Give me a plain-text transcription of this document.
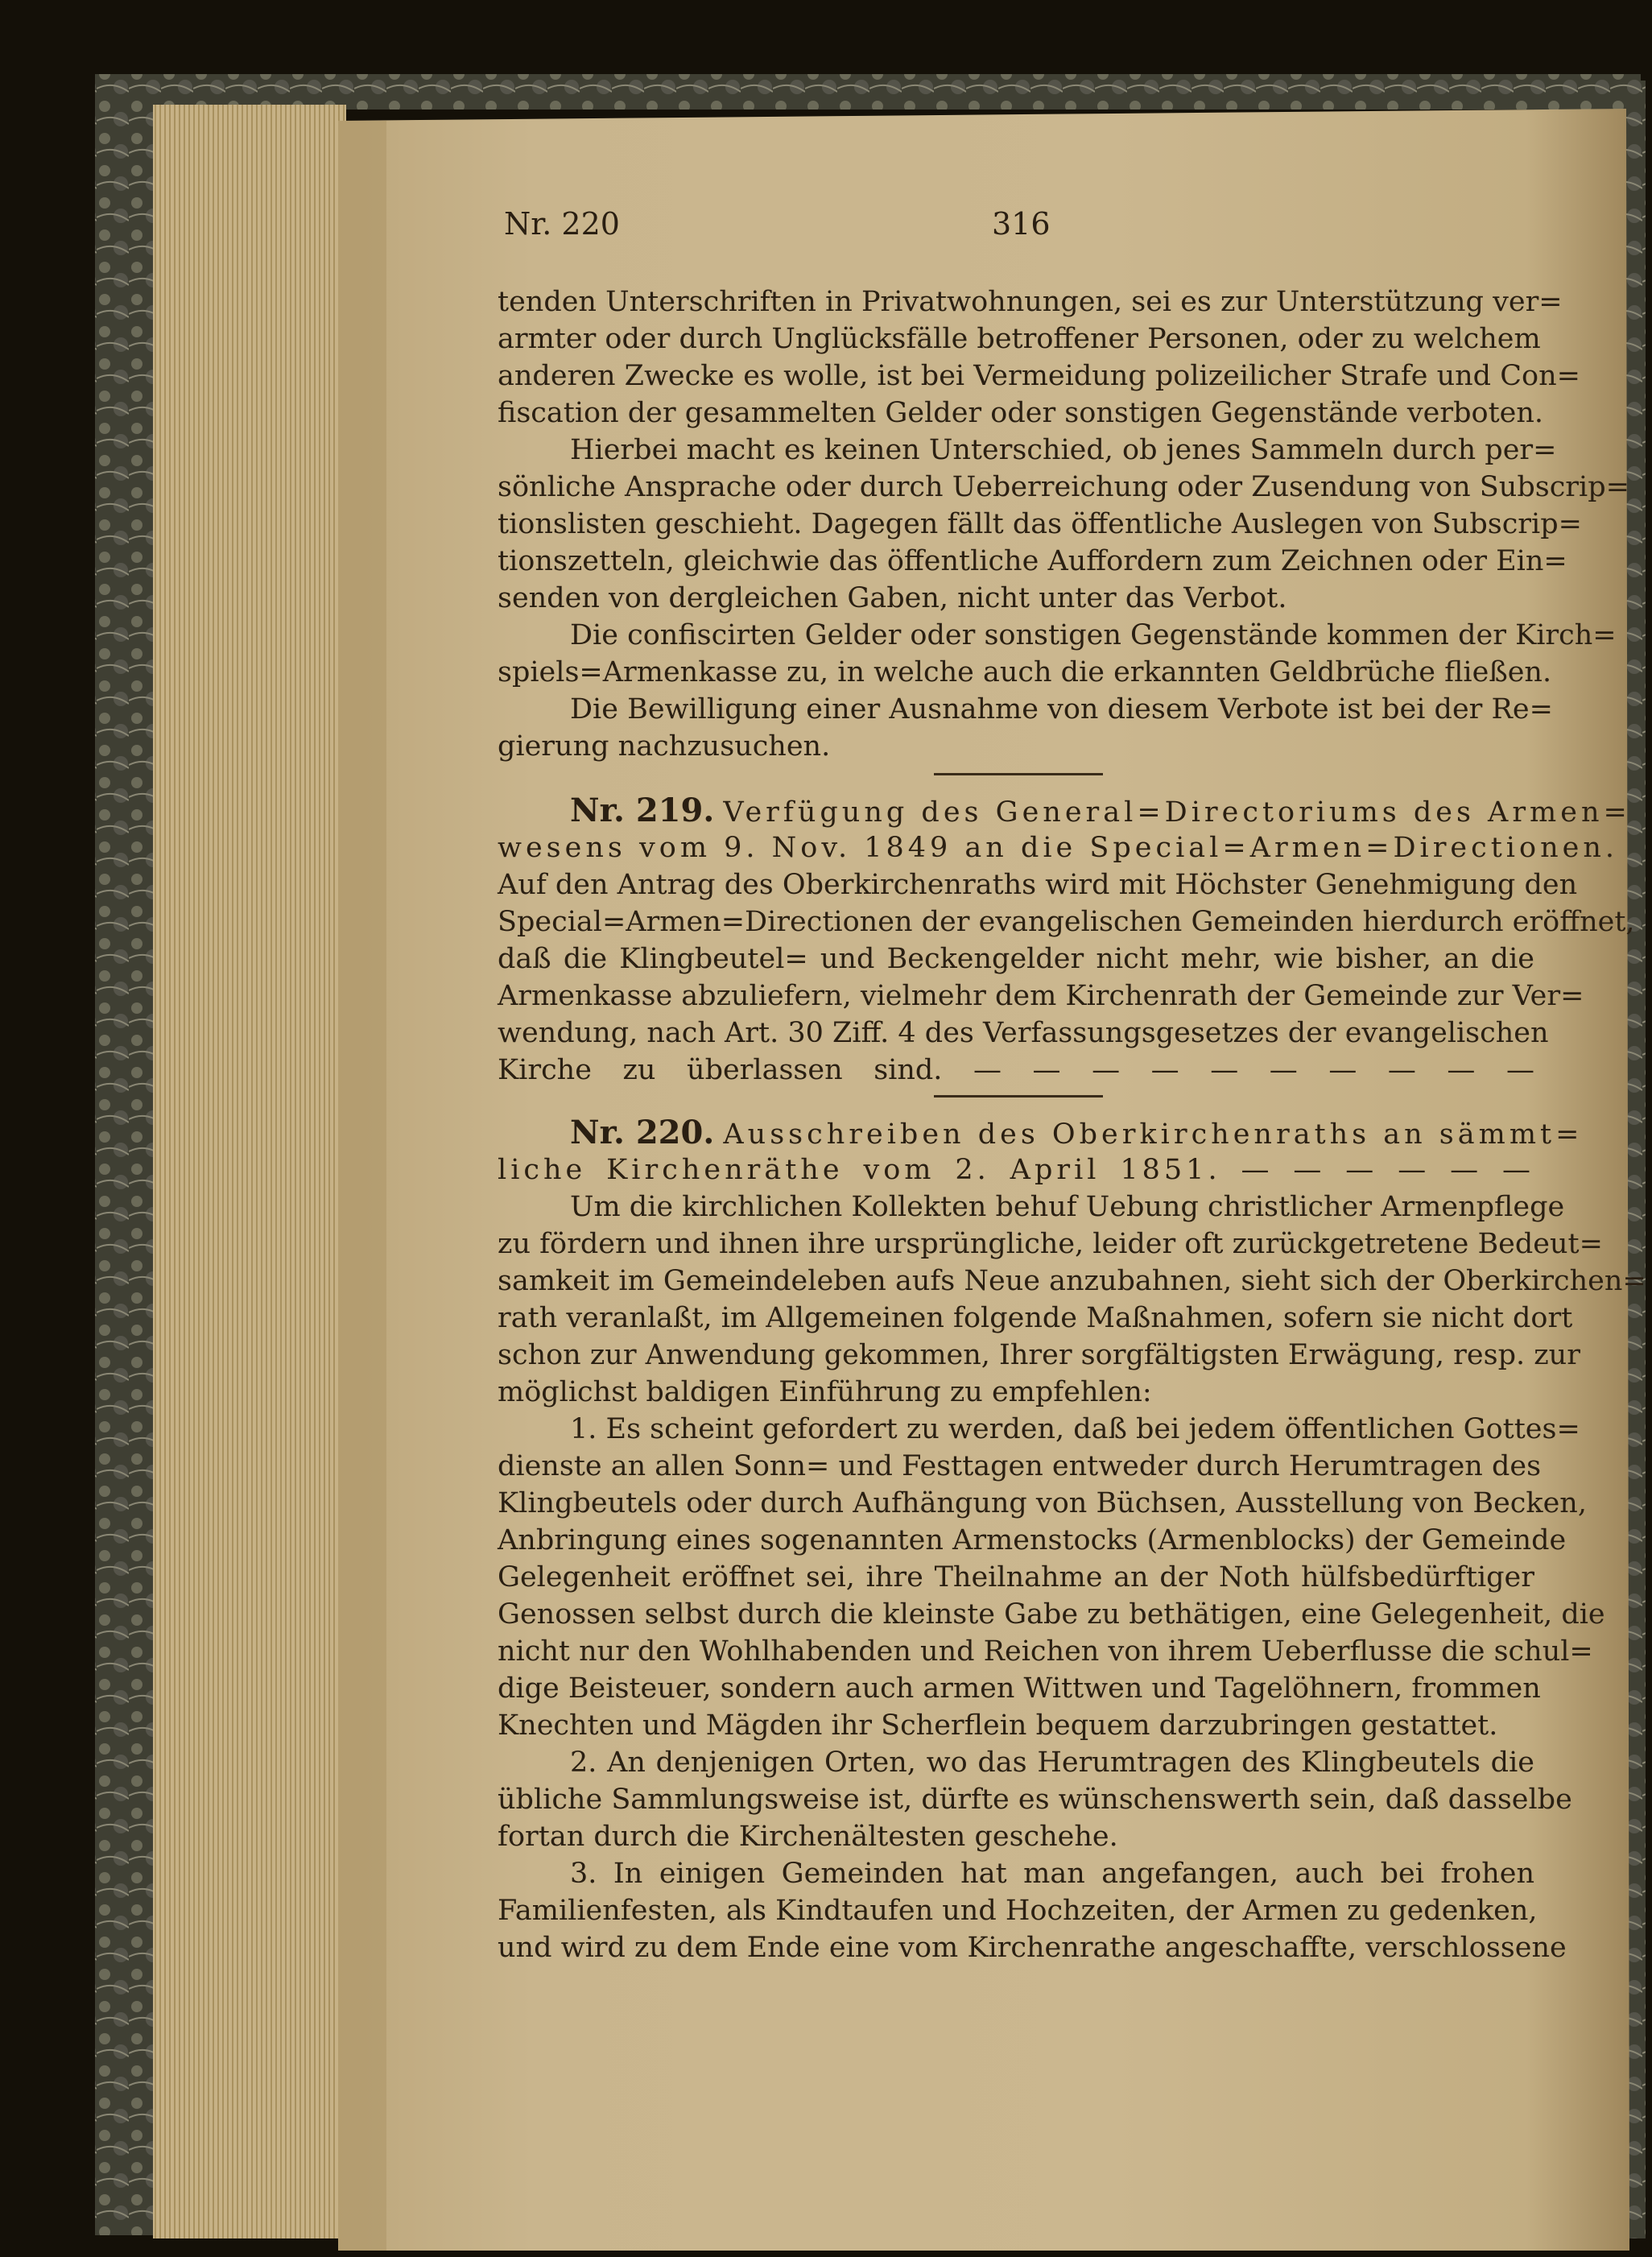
Nr. 220	316
tenden Unterschriften in Privatwohnungen, sei es zur Unterstützung ver=
armter oder durch Unglücksfälle betroffener Personen, oder zu welchem
anderen Zwecke es wolle, ist bei Vermeidung polizeilicher Strafe und Con=
fiscation der gesammelten Gelder oder sonstigen Gegenstände verboten.
Hierbei macht es keinen Unterschied, ob jenes Sammeln durch per=
sönliche Ansprache oder durch Ueberreichung oder Zusendung von Subscrip=
tionslisten geschieht. Dagegen fällt das öffentliche Auslegen von Subscrip=
tionszetteln, gleichwie das öffentliche Auffordern zum Zeichnen oder Ein=
senden von dergleichen Gaben, nicht unter das Verbot.
Die confiscirten Gelder oder sonstigen Gegenstände kommen der Kirch=
spiels=Armenkasse zu, in welche auch die erkannten Geldbrüche fließen.
Die Bewilligung einer Ausnahme von diesem Verbote ist bei der Re=
gierung nachzusuchen.
Nr. 219. Verfügung des General=Directoriums des Armen=
wesens vom 9. Nov. 1849 an die Special=Armen=Directionen.
Auf den Antrag des Oberkirchenraths wird mit Höchster Genehmigung den
Special=Armen=Directionen der evangelischen Gemeinden hierdurch eröffnet,
daß die Klingbeutel= und Beckengelder nicht mehr, wie bisher, an die
Armenkasse abzuliefern, vielmehr dem Kirchenrath der Gemeinde zur Ver=
wendung, nach Art. 30 Ziff. 4 des Verfassungsgesetzes der evangelischen
Kirche zu überlassen sind. — — — — — — — — — —
Nr. 220. Ausschreiben des Oberkirchenraths an sämmt=
liche Kirchenräthe vom 2. April 1851. — — — — — —
Um die kirchlichen Kollekten behuf Uebung christlicher Armenpflege
zu fördern und ihnen ihre ursprüngliche, leider oft zurückgetretene Bedeut=
samkeit im Gemeindeleben aufs Neue anzubahnen, sieht sich der Oberkirchen=
rath veranlaßt, im Allgemeinen folgende Maßnahmen, sofern sie nicht dort
schon zur Anwendung gekommen, Ihrer sorgfältigsten Erwägung, resp. zur
möglichst baldigen Einführung zu empfehlen:
1. Es scheint gefordert zu werden, daß bei jedem öffentlichen Gottes=
dienste an allen Sonn= und Festtagen entweder durch Herumtragen des
Klingbeutels oder durch Aufhängung von Büchsen, Ausstellung von Becken,
Anbringung eines sogenannten Armenstocks (Armenblocks) der Gemeinde
Gelegenheit eröffnet sei, ihre Theilnahme an der Noth hülfsbedürftiger
Genossen selbst durch die kleinste Gabe zu bethätigen, eine Gelegenheit, die
nicht nur den Wohlhabenden und Reichen von ihrem Ueberflusse die schul=
dige Beisteuer, sondern auch armen Wittwen und Tagelöhnern, frommen
Knechten und Mägden ihr Scherflein bequem darzubringen gestattet.
2. An denjenigen Orten, wo das Herumtragen des Klingbeutels die
übliche Sammlungsweise ist, dürfte es wünschenswerth sein, daß dasselbe
fortan durch die Kirchenältesten geschehe.
3. In einigen Gemeinden hat man angefangen, auch bei frohen
Familienfesten, als Kindtaufen und Hochzeiten, der Armen zu gedenken,
und wird zu dem Ende eine vom Kirchenrathe angeschaffte, verschlossene
